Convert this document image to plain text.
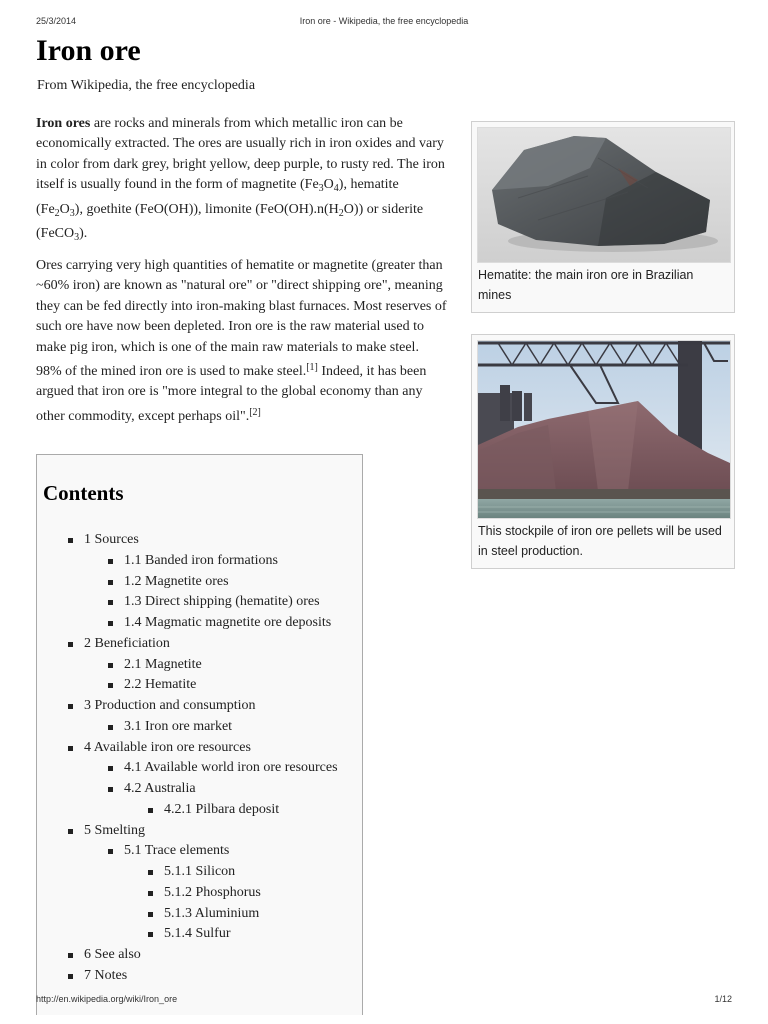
25/3/2014	Iron ore - Wikipedia, the free encyclopedia
Iron ore
From Wikipedia, the free encyclopedia

Iron ores are rocks and minerals from which metallic iron can be economically extracted. The ores are usually rich in iron oxides and vary in color from dark grey, bright yellow, deep purple, to rusty red. The iron itself is usually found in the form of magnetite $(Fe_3O_4)$, hematite $(Fe_2O_3)$, goethite (FeO(OH)), limonite $(FeO(OH).n(H_2O))$ or siderite (FeCO$_3$).

Ores carrying very high quantities of hematite or magnetite (greater than ~60% iron) are known as "natural ore" or "direct shipping ore", meaning they can be fed directly into iron-making blast furnaces. Most reserves of such ore have now been depleted. Iron ore is the raw material used to make pig iron, which is one of the main raw materials to make steel. 98% of the mined iron ore is used to make steel.[1] Indeed, it has been argued that iron ore is "more integral to the global economy than any other commodity, except perhaps oil".[2]

Hematite: the main iron ore in Brazilian mines
This stockpile of iron ore pellets will be used in steel production.
Contents
1 Sources
1.1 Banded iron formations
1.2 Magnetite ores
1.3 Direct shipping (hematite) ores
1.4 Magmatic magnetite ore deposits
2 Beneficiation
2.1 Magnetite
2.2 Hematite
3 Production and consumption
3.1 Iron ore market
4 Available iron ore resources
4.1 Available world iron ore resources
4.2 Australia
4.2.1 Pilbara deposit
5 Smelting
5.1 Trace elements
5.1.1 Silicon
5.1.2 Phosphorus
5.1.3 Aluminium
5.1.4 Sulfur
6 See also
7 Notes
http://en.wikipedia.org/wiki/Iron_ore	1/12
